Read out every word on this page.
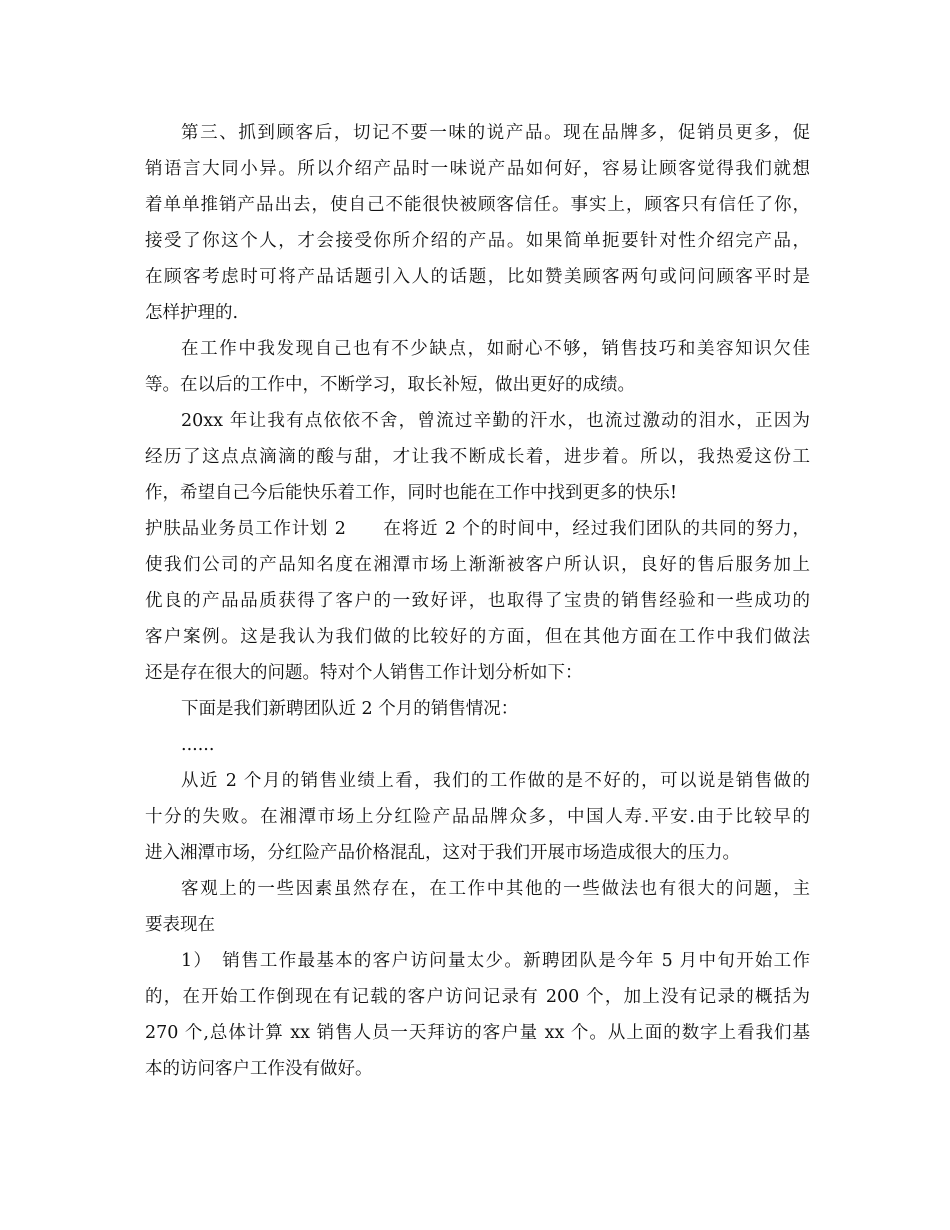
第三、抓到顾客后，切记不要一味的说产品。现在品牌多，促销员更多，促
销语言大同小异。所以介绍产品时一味说产品如何好，容易让顾客觉得我们就想
着单单推销产品出去，使自己不能很快被顾客信任。事实上，顾客只有信任了你，
接受了你这个人，才会接受你所介绍的产品。如果简单扼要针对性介绍完产品，
在顾客考虑时可将产品话题引入人的话题，比如赞美顾客两句或问问顾客平时是
怎样护理的.
在工作中我发现自己也有不少缺点，如耐心不够，销售技巧和美容知识欠佳
等。在以后的工作中，不断学习，取长补短，做出更好的成绩。
20xx 年让我有点依依不舍，曾流过辛勤的汗水，也流过激动的泪水，正因为
经历了这点点滴滴的酸与甜，才让我不断成长着，进步着。所以，我热爱这份工
作，希望自己今后能快乐着工作，同时也能在工作中找到更多的快乐!
护肤品业务员工作计划 2　　在将近 2 个的时间中，经过我们团队的共同的努力，
使我们公司的产品知名度在湘潭市场上渐渐被客户所认识，良好的售后服务加上
优良的产品品质获得了客户的一致好评，也取得了宝贵的销售经验和一些成功的
客户案例。这是我认为我们做的比较好的方面，但在其他方面在工作中我们做法
还是存在很大的问题。特对个人销售工作计划分析如下：
下面是我们新聘团队近 2 个月的销售情况：
......
从近 2 个月的销售业绩上看，我们的工作做的是不好的，可以说是销售做的
十分的失败。在湘潭市场上分红险产品品牌众多，中国人寿.平安.由于比较早的
进入湘潭市场，分红险产品价格混乱，这对于我们开展市场造成很大的压力。
客观上的一些因素虽然存在，在工作中其他的一些做法也有很大的问题，主
要表现在
1）　销售工作最基本的客户访问量太少。新聘团队是今年 5 月中旬开始工作
的，在开始工作倒现在有记载的客户访问记录有 200 个，加上没有记录的概括为
270 个,总体计算 xx 销售人员一天拜访的客户量 xx 个。从上面的数字上看我们基
本的访问客户工作没有做好。
